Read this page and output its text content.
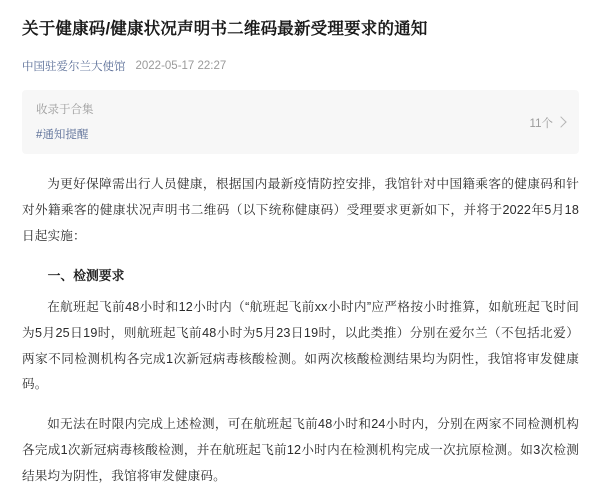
关于健康码/健康状况声明书二维码最新受理要求的通知
中国驻爱尔兰大使馆 2022-05-17 22:27
收录于合集
#通知提醒
11个

为更好保障需出行人员健康，根据国内最新疫情防控安排，我馆针对中国籍乘客的健康码和针对外籍乘客的健康状况声明书二维码（以下统称健康码）受理要求更新如下，并将于2022年5月18日起实施：

一、检测要求

在航班起飞前48小时和12小时内（“航班起飞前xx小时内”应严格按小时推算，如航班起飞时间为5月25日19时，则航班起飞前48小时为5月23日19时，以此类推）分别在爱尔兰（不包括北爱）两家不同检测机构各完成1次新冠病毒核酸检测。如两次核酸检测结果均为阴性，我馆将审发健康码。

如无法在时限内完成上述检测，可在航班起飞前48小时和24小时内，分别在两家不同检测机构各完成1次新冠病毒核酸检测，并在航班起飞前12小时内在检测机构完成一次抗原检测。如3次检测结果均为阴性，我馆将审发健康码。
